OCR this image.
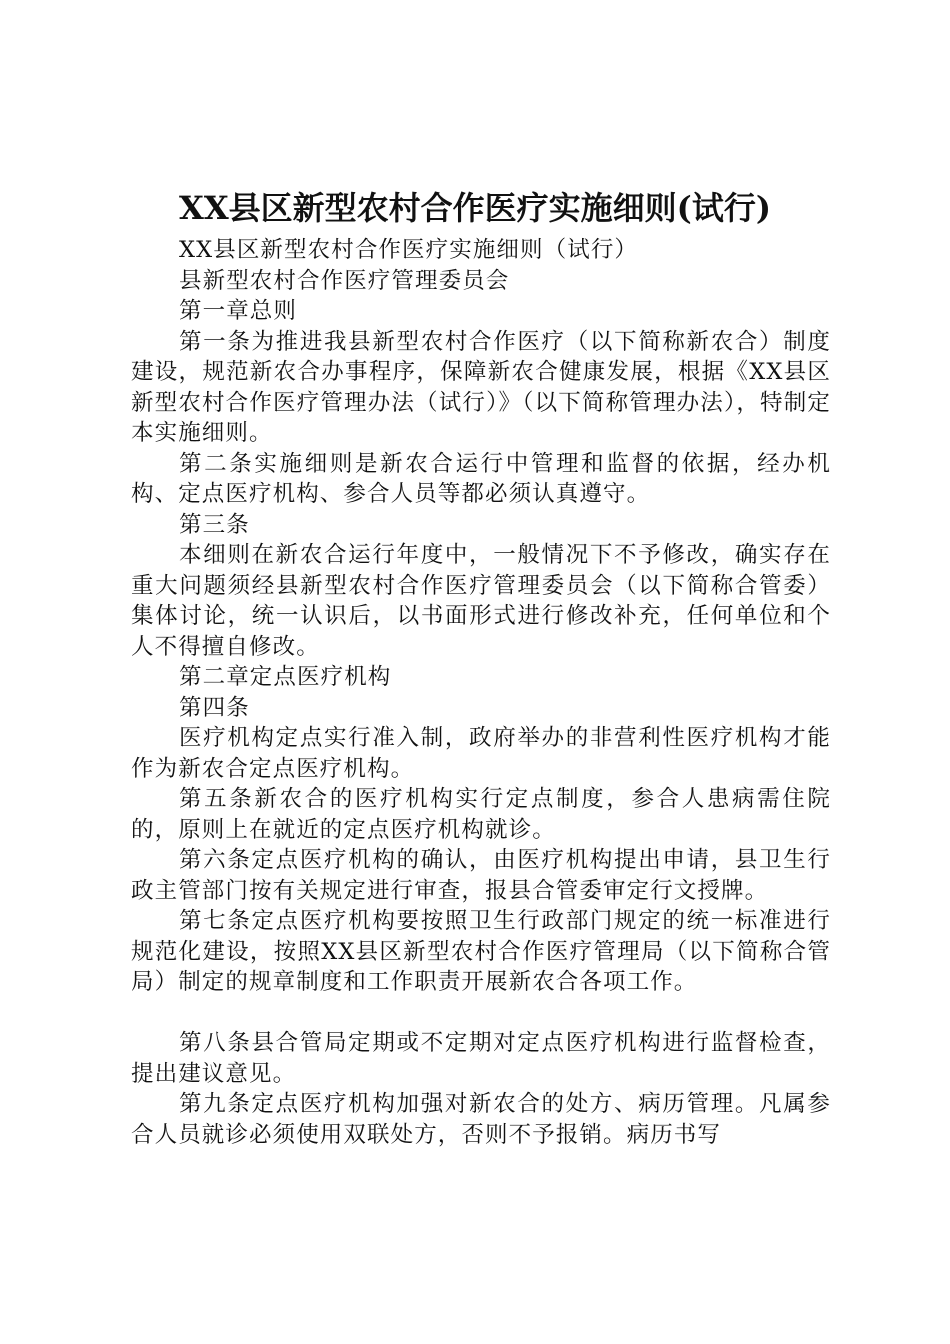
XX县区新型农村合作医疗实施细则(试行)

XX县区新型农村合作医疗实施细则（试行）

县新型农村合作医疗管理委员会

第一章总则

第一条为推进我县新型农村合作医疗（以下简称新农合）制度建设，规范新农合办事程序，保障新农合健康发展，根据《XX县区新型农村合作医疗管理办法（试行）》（以下简称管理办法），特制定本实施细则。

第二条实施细则是新农合运行中管理和监督的依据，经办机构、定点医疗机构、参合人员等都必须认真遵守。

第三条

本细则在新农合运行年度中，一般情况下不予修改，确实存在重大问题须经县新型农村合作医疗管理委员会（以下简称合管委）集体讨论，统一认识后，以书面形式进行修改补充，任何单位和个人不得擅自修改。

第二章定点医疗机构

第四条

医疗机构定点实行准入制，政府举办的非营利性医疗机构才能作为新农合定点医疗机构。

第五条新农合的医疗机构实行定点制度，参合人患病需住院的，原则上在就近的定点医疗机构就诊。

第六条定点医疗机构的确认，由医疗机构提出申请，县卫生行政主管部门按有关规定进行审查，报县合管委审定行文授牌。

第七条定点医疗机构要按照卫生行政部门规定的统一标准进行规范化建设，按照XX县区新型农村合作医疗管理局（以下简称合管局）制定的规章制度和工作职责开展新农合各项工作。

第八条县合管局定期或不定期对定点医疗机构进行监督检查，提出建议意见。

第九条定点医疗机构加强对新农合的处方、病历管理。凡属参合人员就诊必须使用双联处方，否则不予报销。病历书写
